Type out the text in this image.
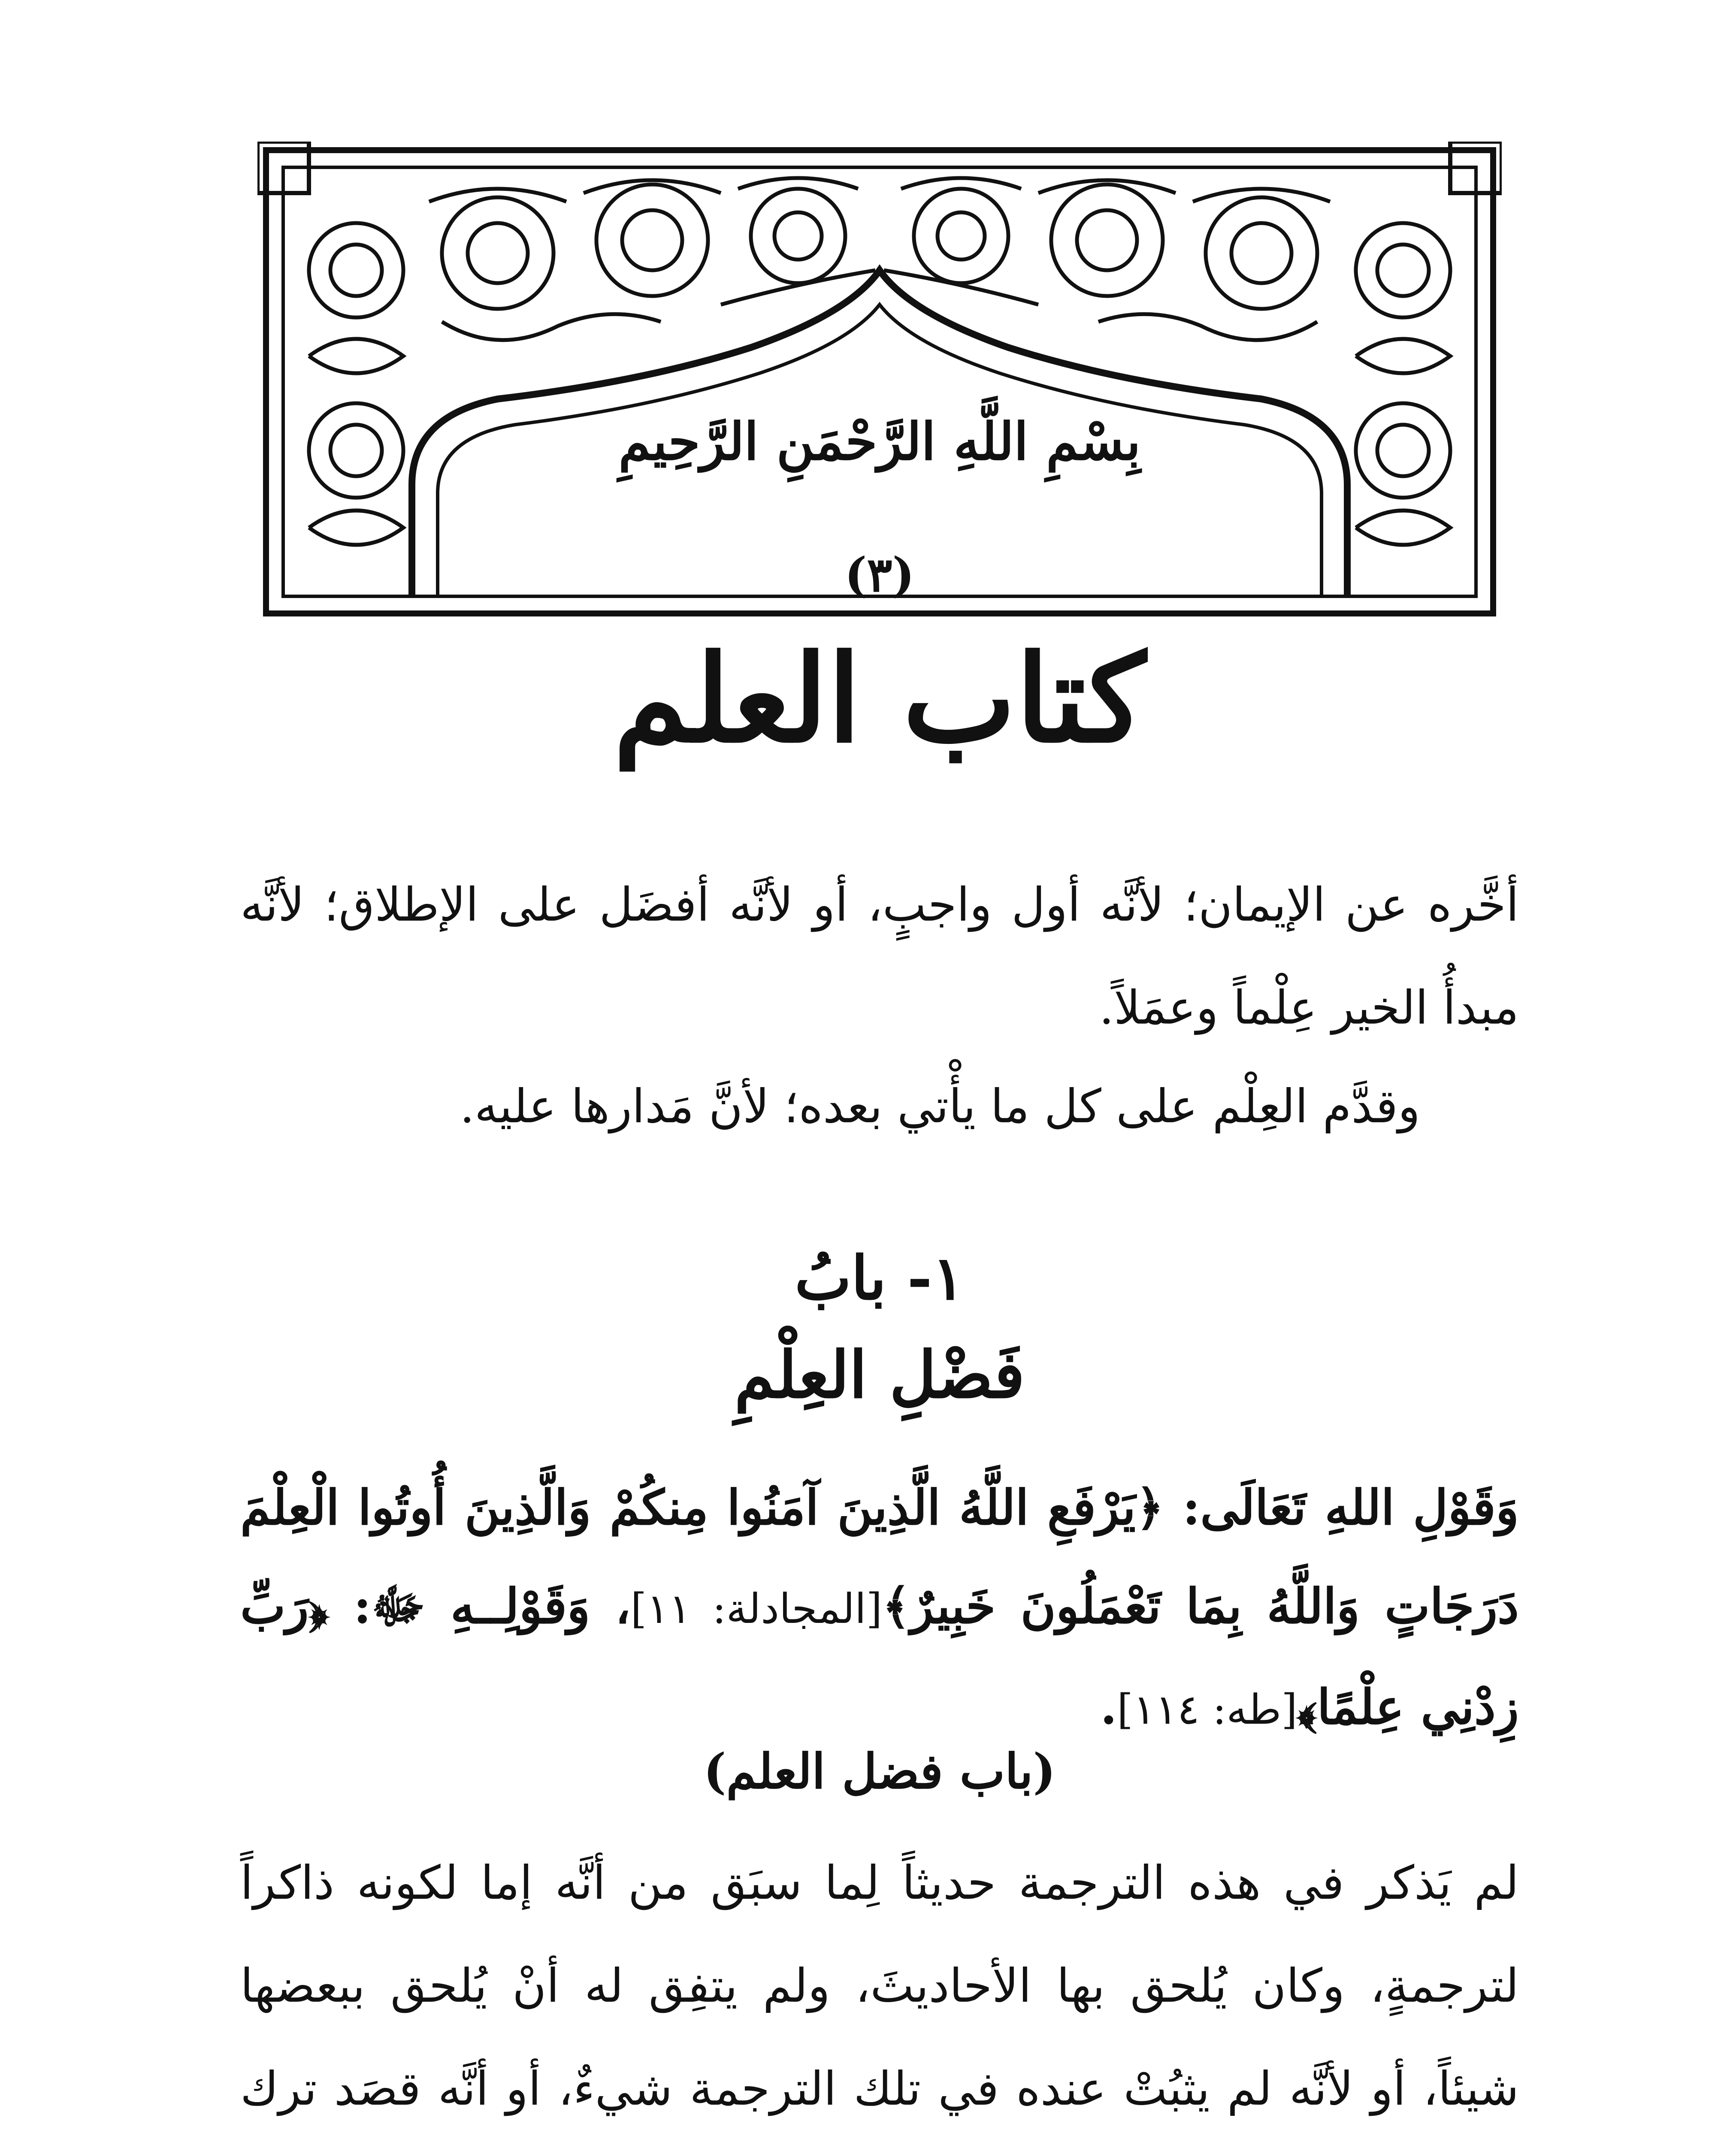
بِسْمِ اللَّهِ الرَّحْمَنِ الرَّحِيمِ
(٣)
كتاب العلم
أخَّره عن الإيمان؛ لأنَّه أول واجبٍ، أو لأنَّه أفضَل على الإطلاق؛ لأنَّه مبدأُ الخير عِلْماً وعمَلاً.
وقدَّم العِلْم على كل ما يأْتي بعده؛ لأنَّ مَدارها عليه.
١- بابُ
فَضْلِ العِلْمِ
وَقَوْلِ اللهِ تَعَالَى: ﴿يَرْفَعِ اللَّهُ الَّذِينَ آمَنُوا مِنكُمْ وَالَّذِينَ أُوتُوا الْعِلْمَ دَرَجَاتٍ وَاللَّهُ بِمَا تَعْمَلُونَ خَبِيرٌ﴾[المجادلة: ١١]، وَقَوْلِــهِ ﷻ: ﴿رَبِّ زِدْنِي عِلْمًا﴾[طه: ١١٤].
(باب فضل العلم)
لم يَذكر في هذه الترجمة حديثاً لِما سبَق من أنَّه إما لكونه ذاكراً لترجمةٍ، وكان يُلحق بها الأحاديثَ، ولم يتفِق له أنْ يُلحق ببعضها شيئاً، أو لأنَّه لم يثبُتْ عنده في تلك الترجمة شيءٌ، أو أنَّه قصَد ترك
